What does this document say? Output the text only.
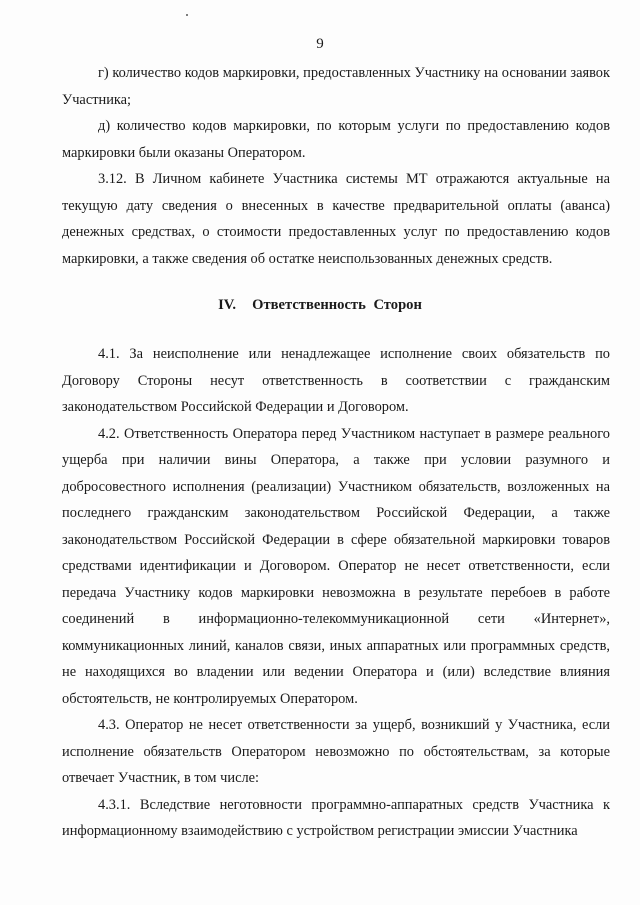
9

г) количество кодов маркировки, предоставленных Участнику на основании заявок Участника;

д) количество кодов маркировки, по которым услуги по предоставлению кодов маркировки были оказаны Оператором.

3.12. В Личном кабинете Участника системы МТ отражаются актуальные на текущую дату сведения о внесенных в качестве предварительной оплаты (аванса) денежных средствах, о стоимости предоставленных услуг по предоставлению кодов маркировки, а также сведения об остатке неиспользованных денежных средств.

IV. Ответственность Сторон

4.1. За неисполнение или ненадлежащее исполнение своих обязательств по Договору Стороны несут ответственность в соответствии с гражданским законодательством Российской Федерации и Договором.

4.2. Ответственность Оператора перед Участником наступает в размере реального ущерба при наличии вины Оператора, а также при условии разумного и добросовестного исполнения (реализации) Участником обязательств, возложенных на последнего гражданским законодательством Российской Федерации, а также законодательством Российской Федерации в сфере обязательной маркировки товаров средствами идентификации и Договором. Оператор не несет ответственности, если передача Участнику кодов маркировки невозможна в результате перебоев в работе соединений в информационно-телекоммуникационной сети «Интернет», коммуникационных линий, каналов связи, иных аппаратных или программных средств, не находящихся во владении или ведении Оператора и (или) вследствие влияния обстоятельств, не контролируемых Оператором.

4.3. Оператор не несет ответственности за ущерб, возникший у Участника, если исполнение обязательств Оператором невозможно по обстоятельствам, за которые отвечает Участник, в том числе:

4.3.1. Вследствие неготовности программно-аппаратных средств Участника к информационному взаимодействию с устройством регистрации эмиссии Участника
